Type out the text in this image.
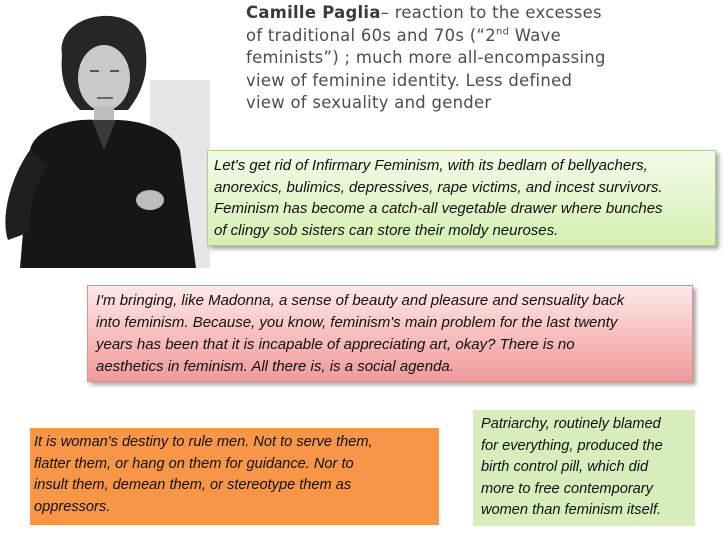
Camille Paglia– reaction to the excesses
of traditional 60s and 70s (“2nd Wave
feminists”) ; much more all-encompassing
view of feminine identity. Less defined
view of sexuality and gender
Let's get rid of Infirmary Feminism, with its bedlam of bellyachers,
anorexics, bulimics, depressives, rape victims, and incest survivors.
Feminism has become a catch-all vegetable drawer where bunches
of clingy sob sisters can store their moldy neuroses.
I'm bringing, like Madonna, a sense of beauty and pleasure and sensuality back
into feminism. Because, you know, feminism's main problem for the last twenty
years has been that it is incapable of appreciating art, okay? There is no
aesthetics in feminism. All there is, is a social agenda.
It is woman's destiny to rule men. Not to serve them,
flatter them, or hang on them for guidance. Nor to
insult them, demean them, or stereotype them as
oppressors.
Patriarchy, routinely blamed
for everything, produced the
birth control pill, which did
more to free contemporary
women than feminism itself.
